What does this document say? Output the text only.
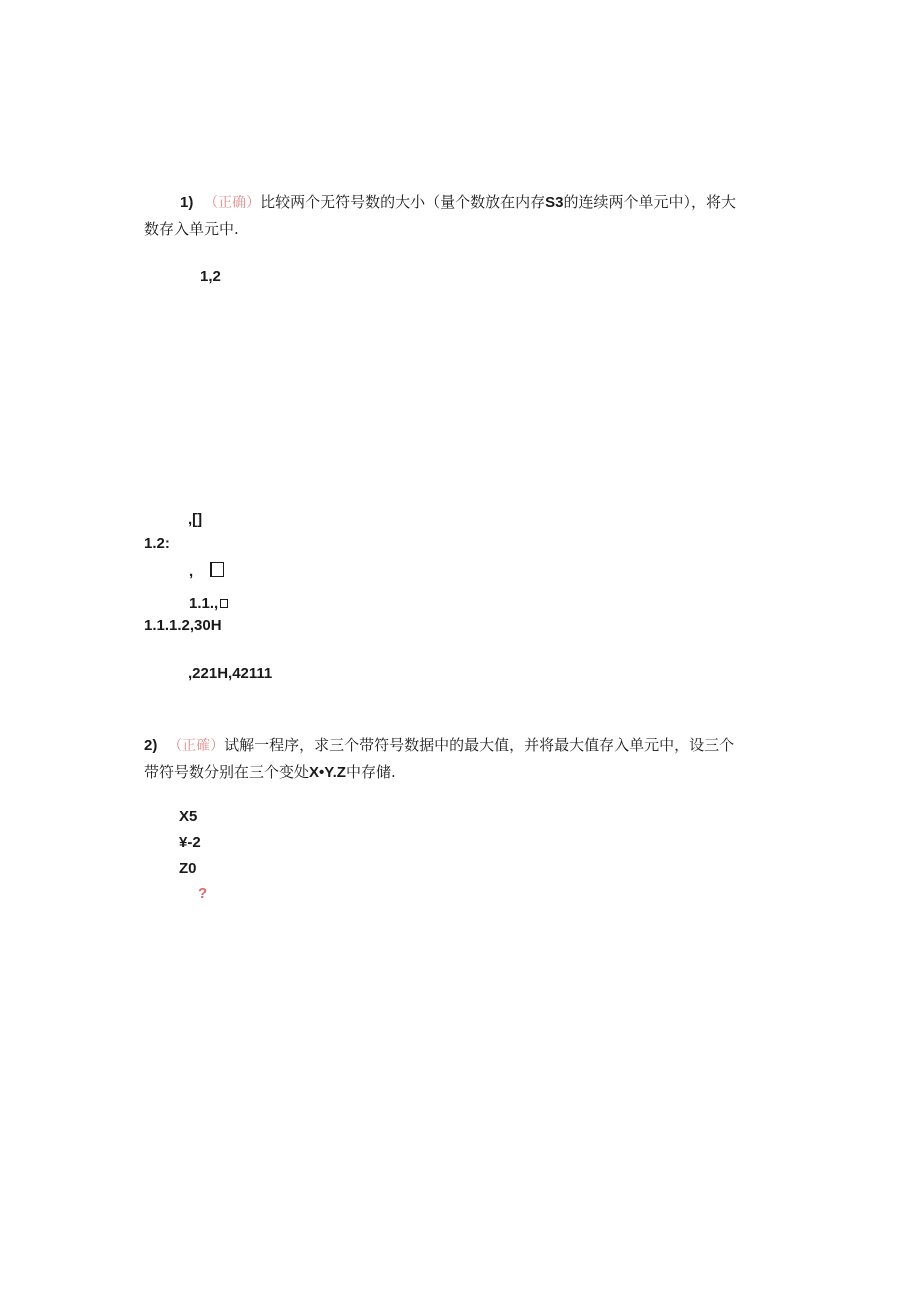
1) （正确）比较两个无符号数的大小（量个数放在内存S3的连续两个单元中），将大
数存入单元中.
1,2
,[]
1.2:
,
1.1.,
1.1.1.2,30H
,221H,42111
2) （正確）试解一程序，求三个带符号数据中的最大值，并将最大值存入单元中，设三个
带符号数分别在三个变处X•Y.Z中存储.
X5
¥-2
Z0
?
